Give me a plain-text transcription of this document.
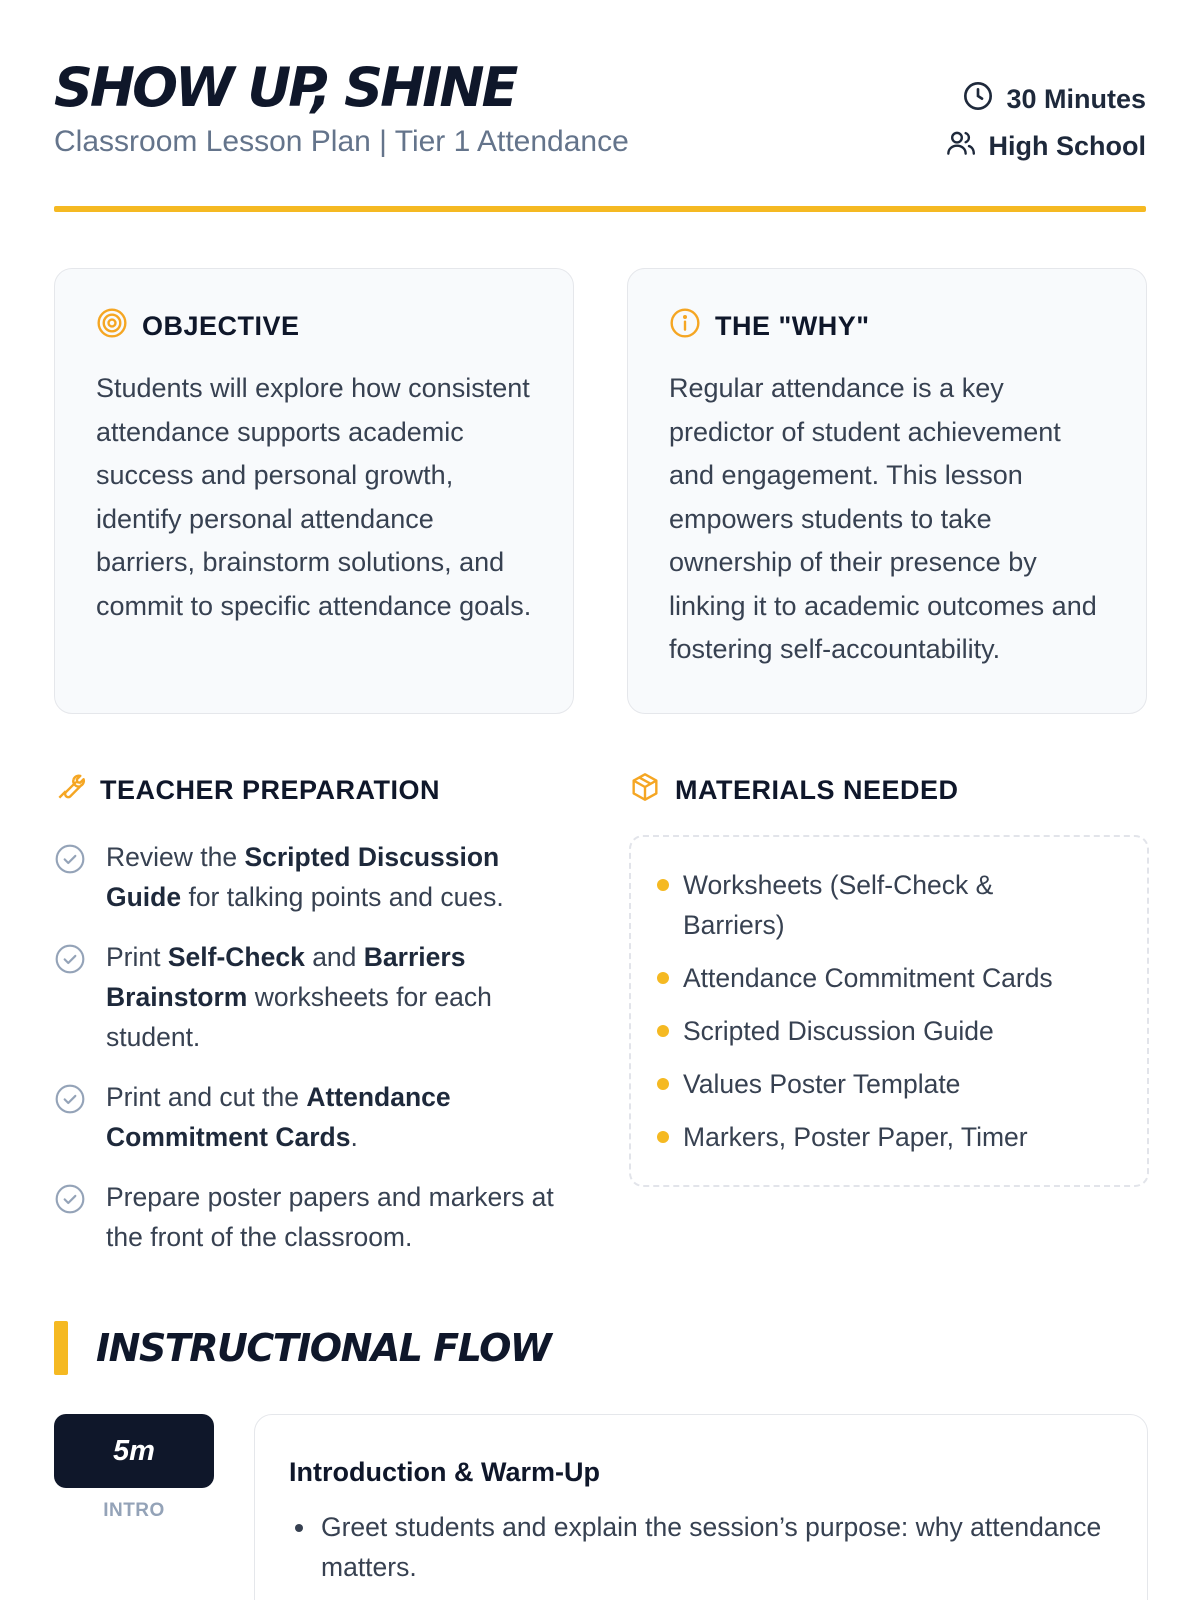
SHOW UP, SHINE
Classroom Lesson Plan | Tier 1 Attendance
30 Minutes
High School
OBJECTIVE

Students will explore how consistent attendance supports academic success and personal growth, identify personal attendance barriers, brainstorm solutions, and commit to specific attendance goals.

THE "WHY"

Regular attendance is a key predictor of student achievement and engagement. This lesson empowers students to take ownership of their presence by linking it to academic outcomes and fostering self-accountability.

TEACHER PREPARATION
Review the Scripted Discussion Guide for talking points and cues.
Print Self-Check and Barriers Brainstorm worksheets for each student.
Print and cut the Attendance Commitment Cards.
Prepare poster papers and markers at the front of the classroom.
MATERIALS NEEDED
Worksheets (Self-Check & Barriers)
Attendance Commitment Cards
Scripted Discussion Guide
Values Poster Template
Markers, Poster Paper, Timer
INSTRUCTIONAL FLOW
5m
INTRO
Introduction & Warm-Up
Greet students and explain the session’s purpose: why attendance matters.
